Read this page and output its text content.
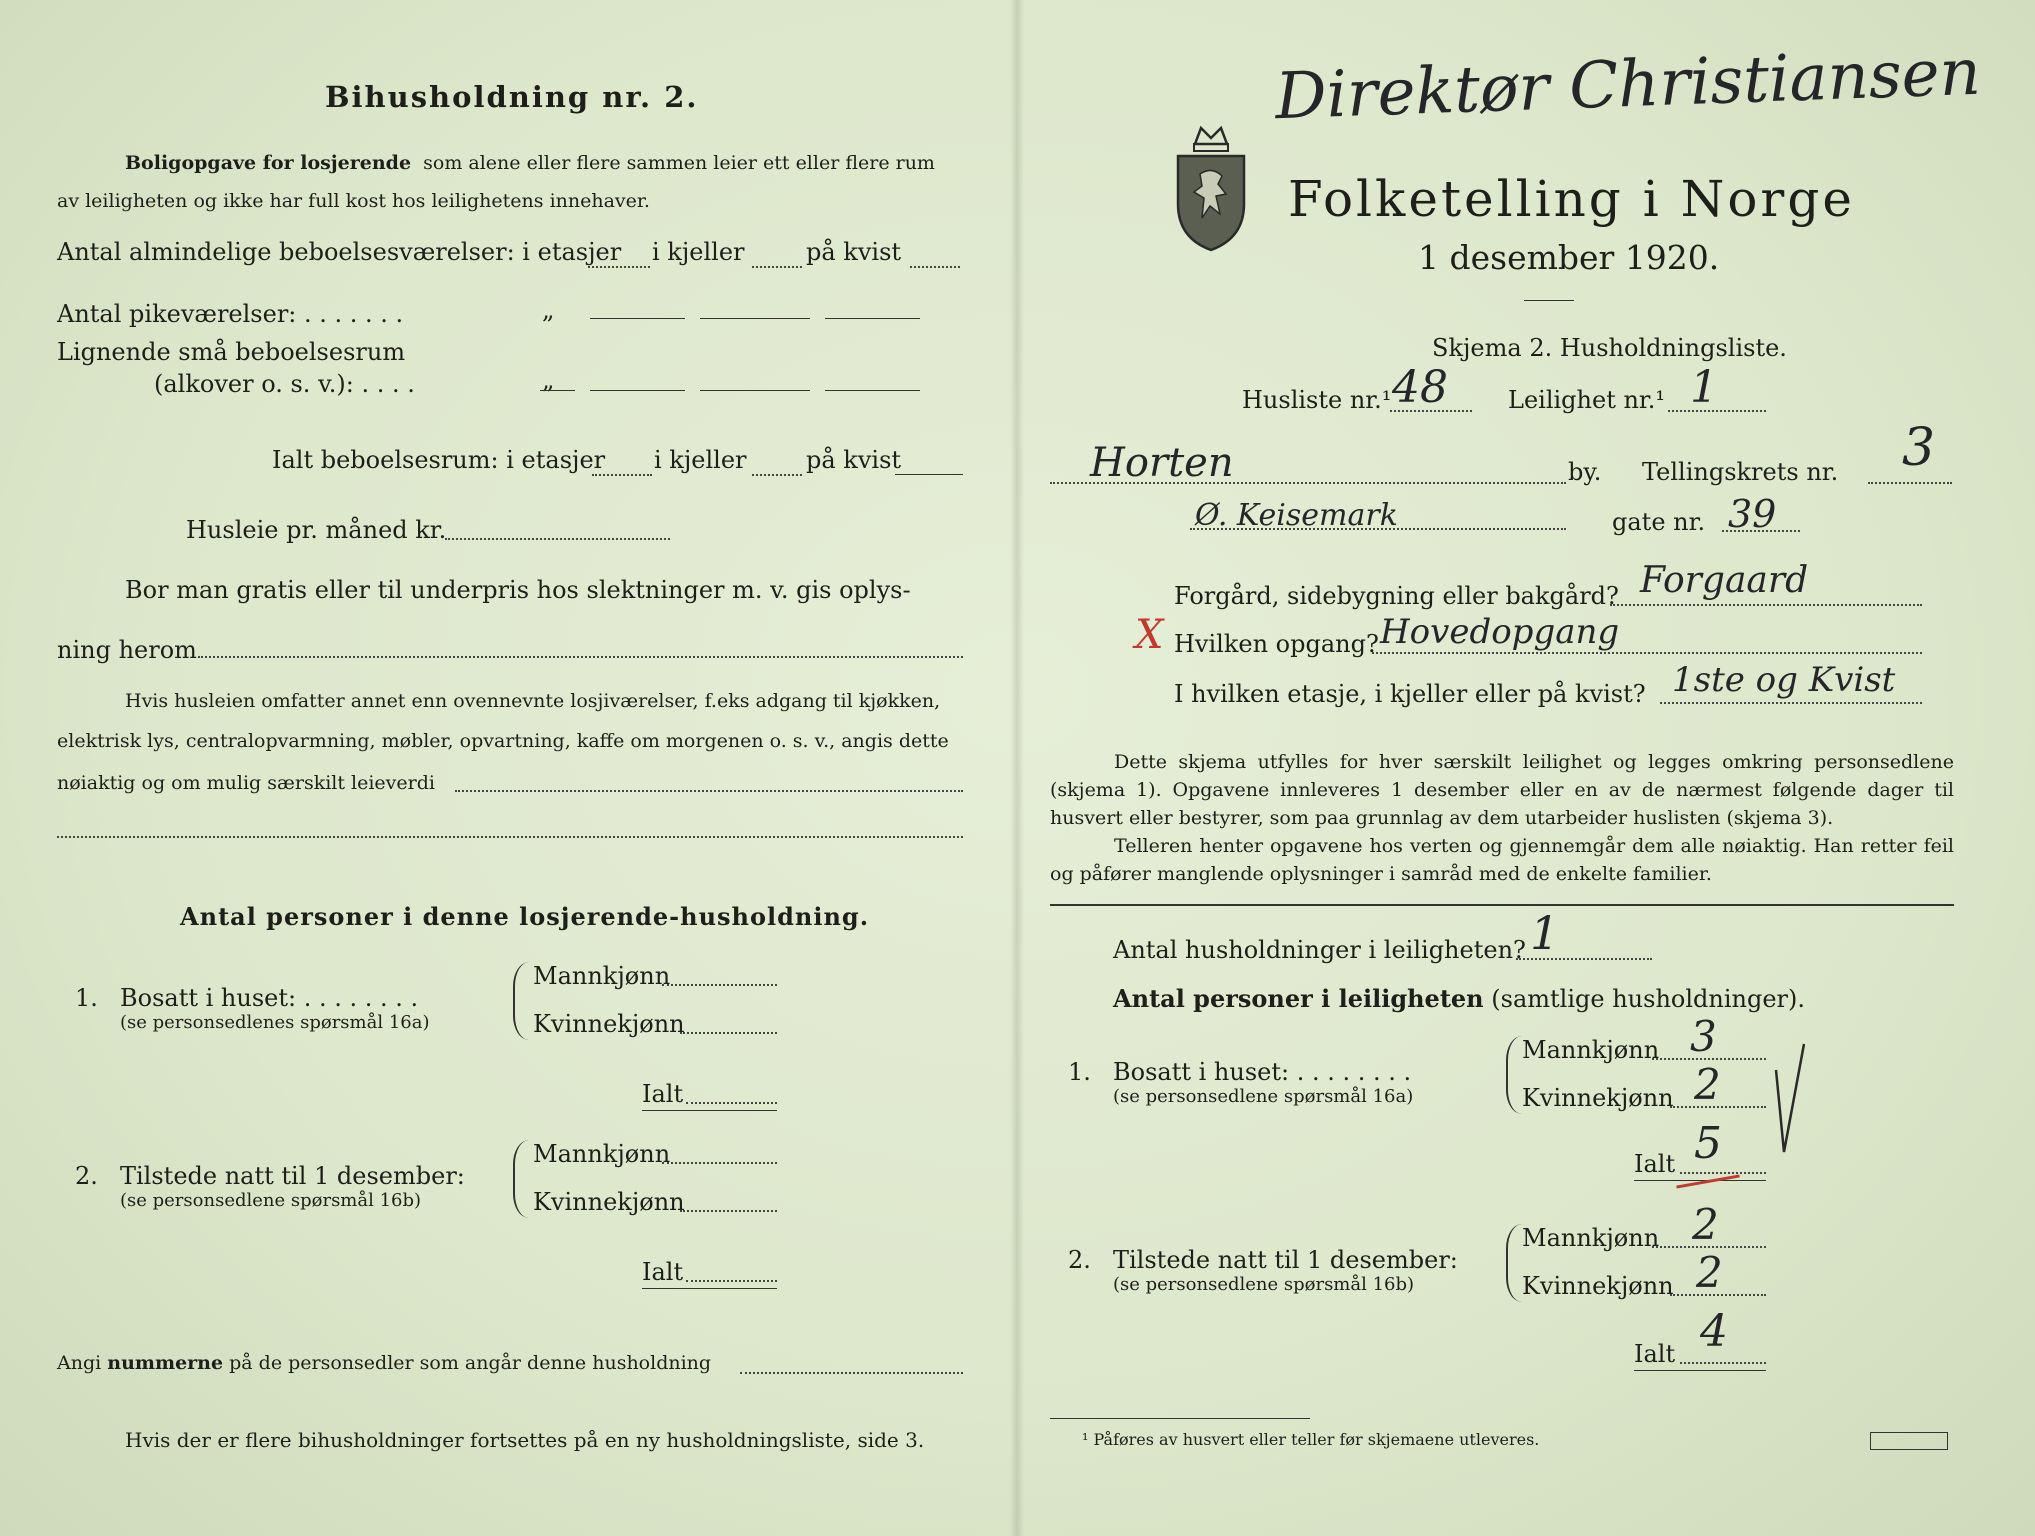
Bihusholdning nr. 2.
Boligopgave for losjerende som alene eller flere sammen leier ett eller flere rum
av leiligheten og ikke har full kost hos leilighetens innehaver.
Antal almindelige beboelsesværelser: i etasjer i kjeller	på kvist
Antal pikeværelser: . . . . . . .	„
Lignende små beboelsesrum
(alkover o. s. v.): . . . .	„
Ialt beboelsesrum: i etasjer i kjeller på kvist
Husleie pr. måned kr.
Bor man gratis eller til underpris hos slektninger m. v. gis oplys-
ning herom
Hvis husleien omfatter annet enn ovennevnte losjiværelser, f.eks adgang til kjøkken,
elektrisk lys, centralopvarmning, møbler, opvartning, kaffe om morgenen o. s. v., angis dette
nøiaktig og om mulig særskilt leieverdi
Antal personer i denne losjerende-husholdning.
1. Bosatt i huset: . . . . . . . .
(se personsedlenes spørsmål 16a)
Mannkjønn
Kvinnekjønn
Ialt
2. Tilstede natt til 1 desember:
(se personsedlene spørsmål 16b)
Mannkjønn
Kvinnekjønn
Ialt
Angi nummerne på de personsedler som angår denne husholdning
Hvis der er flere bihusholdninger fortsettes på en ny husholdningsliste, side 3.
Direktør Christiansen
Folketelling i Norge
1 desember 1920.
Skjema 2. Husholdningsliste.
Husliste nr.¹ 48	Leilighet nr.¹ 1
Horten	by. Tellingskrets nr. 3
Ø. Keisemark	gate nr. 39
Forgård, sidebygning eller bakgård? Forgaard
X Hvilken opgang? Hovedopgang
I hvilken etasje, i kjeller eller på kvist? 1ste og Kvist
Dette skjema utfylles for hver særskilt leilighet og legges omkring personsedlene (skjema 1). Opgavene innleveres 1 desember eller en av de nærmest følgende dager til husvert eller bestyrer, som paa grunnlag av dem utarbeider huslisten (skjema 3).
Telleren henter opgavene hos verten og gjennemgår dem alle nøiaktig. Han retter feil og påfører manglende oplysninger i samråd med de enkelte familier.
Antal husholdninger i leiligheten? 1
Antal personer i leiligheten (samtlige husholdninger).
1. Bosatt i huset: . . . . . . . .
(se personsedlene spørsmål 16a)
Mannkjønn 3
Kvinnekjønn 2
Ialt 5
2. Tilstede natt til 1 desember:
(se personsedlene spørsmål 16b)
Mannkjønn 2
Kvinnekjønn 2
Ialt 4
¹ Påføres av husvert eller teller før skjemaene utleveres.
